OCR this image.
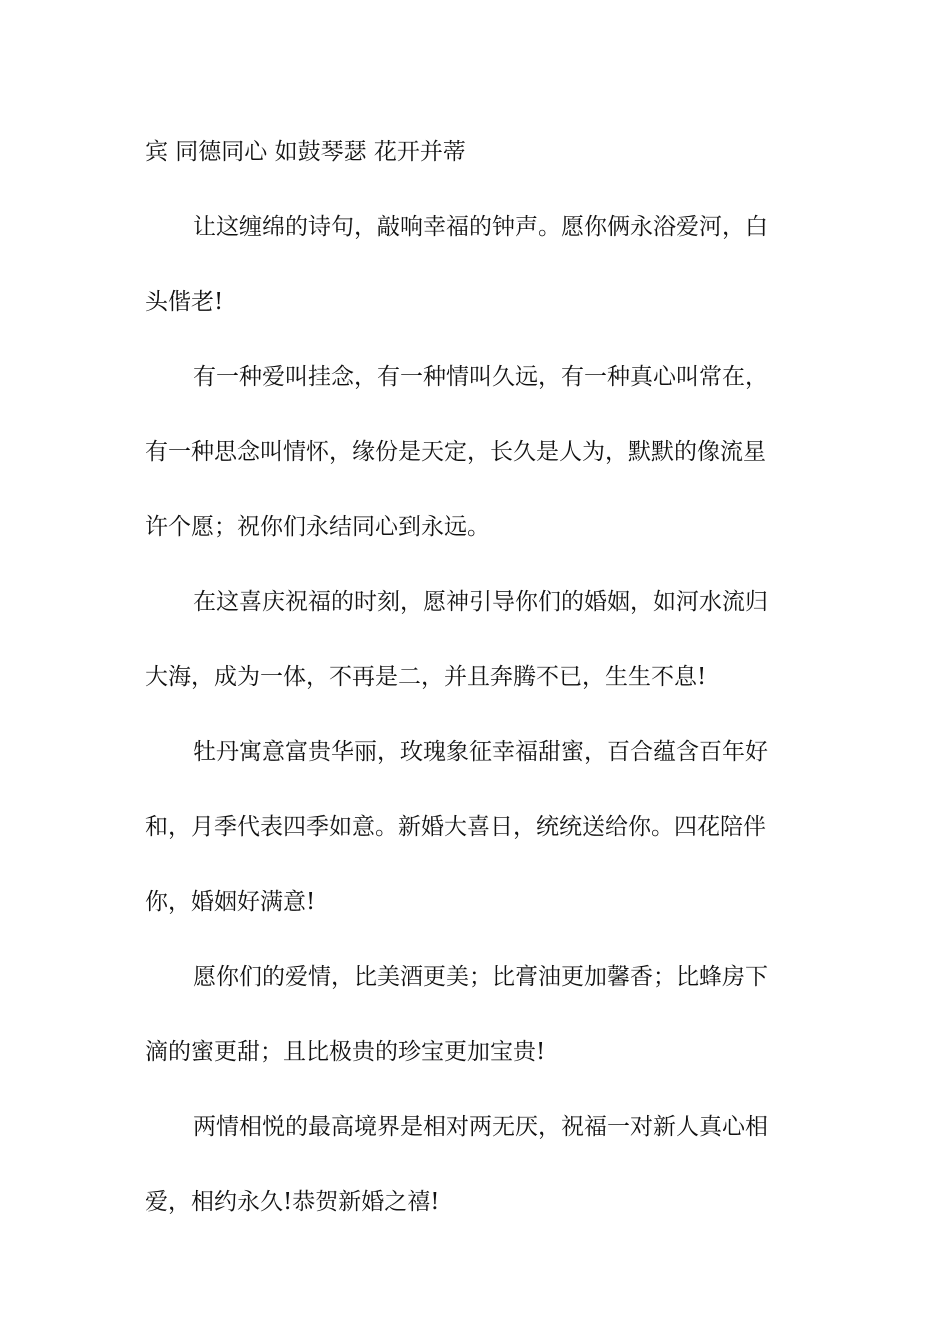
宾 同德同心 如鼓琴瑟 花开并蒂
让这缠绵的诗句，敲响幸福的钟声。愿你俩永浴爱河，白
头偕老!
有一种爱叫挂念，有一种情叫久远，有一种真心叫常在，
有一种思念叫情怀，缘份是天定，长久是人为，默默的像流星
许个愿；祝你们永结同心到永远。
在这喜庆祝福的时刻，愿神引导你们的婚姻，如河水流归
大海，成为一体，不再是二，并且奔腾不已，生生不息!
牡丹寓意富贵华丽，玫瑰象征幸福甜蜜，百合蕴含百年好
和，月季代表四季如意。新婚大喜日，统统送给你。四花陪伴
你，婚姻好满意!
愿你们的爱情，比美酒更美；比膏油更加馨香；比蜂房下
滴的蜜更甜；且比极贵的珍宝更加宝贵!
两情相悦的最高境界是相对两无厌，祝福一对新人真心相
爱，相约永久!恭贺新婚之禧!
